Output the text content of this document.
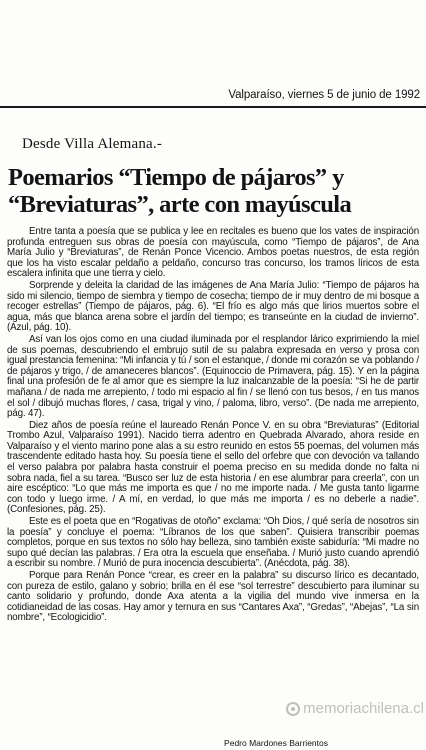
Valparaíso, viernes 5 de junio de 1992
Desde Villa Alemana.-
Poemarios “Tiempo de pájaros” y “Breviaturas”, arte con mayúscula

Entre tanta a poesía que se publica y lee en recitales es bueno que los vates de inspiración profunda entreguen sus obras de poesía con mayúscula, como “Tiempo de pájaros”, de Ana María Julio y “Breviaturas”, de Renán Ponce Vicencio. Ambos poetas nuestros, de esta región que los ha visto escalar peldaño a peldaño, concurso tras concurso, los tramos líricos de esta escalera infinita que une tierra y cielo.

Sorprende y deleita la claridad de las imágenes de Ana María Julio: “Tiempo de pájaros ha sido mi silencio, tiempo de siembra y tiempo de cosecha; tiempo de ir muy dentro de mi bosque a recoger estrellas” (Tiempo de pájaros, pág. 6). “El frío es algo más que lirios muertos sobre el agua, más que blanca arena sobre el jardín del tiempo; es transeúnte en la ciudad de invierno”. (Azul, pág. 10).

Así van los ojos como en una ciudad iluminada por el resplandor lárico exprimiendo la miel de sus poemas, descubriendo el embrujo sutil de su palabra expresada en verso y prosa con igual prestancia femenina: “Mi infancia y tú / son el estanque, / donde mi corazón se va poblando / de pájaros y trigo, / de amaneceres blancos”. (Equinoccio de Primavera, pág. 15). Y en la página final una profesión de fe al amor que es siempre la luz inalcanzable de la poesía: “Si he de partir mañana / de nada me arrepiento, / todo mi espacio al fin / se llenó con tus besos, / en tus manos el sol / dibujó muchas flores, / casa, trigal y vino, / paloma, libro, verso”. (De nada me arrepiento, pág. 47).

Diez años de poesía reúne el laureado Renán Ponce V. en su obra “Breviaturas” (Editorial Trombo Azul, Valparaíso 1991). Nacido tierra adentro en Quebrada Alvarado, ahora reside en Valparaíso y el viento marino pone alas a su estro reunido en estos 55 poemas, del volumen más trascendente editado hasta hoy. Su poesía tiene el sello del orfebre que con devoción va tallando el verso palabra por palabra hasta construir el poema preciso en su medida donde no falta ni sobra nada, fiel a su tarea. “Busco ser luz de esta historia / en ese alumbrar para creerla”, con un aire escéptico: “Lo que más me importa es que / no me importe nada. / Me gusta tanto ligarme con todo y luego irme. / A mí, en verdad, lo que más me importa / es no deberle a nadie”. (Confesiones, pág. 25).

Este es el poeta que en “Rogativas de otoño” exclama: “Oh Dios, / qué sería de nosotros sin la poesía” y concluye el poema: “Líbranos de los que saben”. Quisiera transcribir poemas completos, porque en sus textos no sólo hay belleza, sino también existe sabiduría: “Mi madre no supo qué decían las palabras. / Era otra la escuela que enseñaba. / Murió justo cuando aprendió a escribir su nombre. / Murió de pura inocencia descubierta”. (Anécdota, pág. 38).

Porque para Renán Ponce “crear, es creer en la palabra” su discurso lírico es decantado, con pureza de estilo, galano y sobrio; brilla en él ese “sol terrestre” descubierto para iluminar su canto solidario y profundo, donde Axa atenta a la vigilia del mundo vive inmersa en la cotidianeidad de las cosas. Hay amor y ternura en sus “Cantares Axa”, “Gredas”, “Abejas”, “La sin nombre”, “Ecologicidio”.

Pedro Mardones Barrientos
memoriachilena.cl
